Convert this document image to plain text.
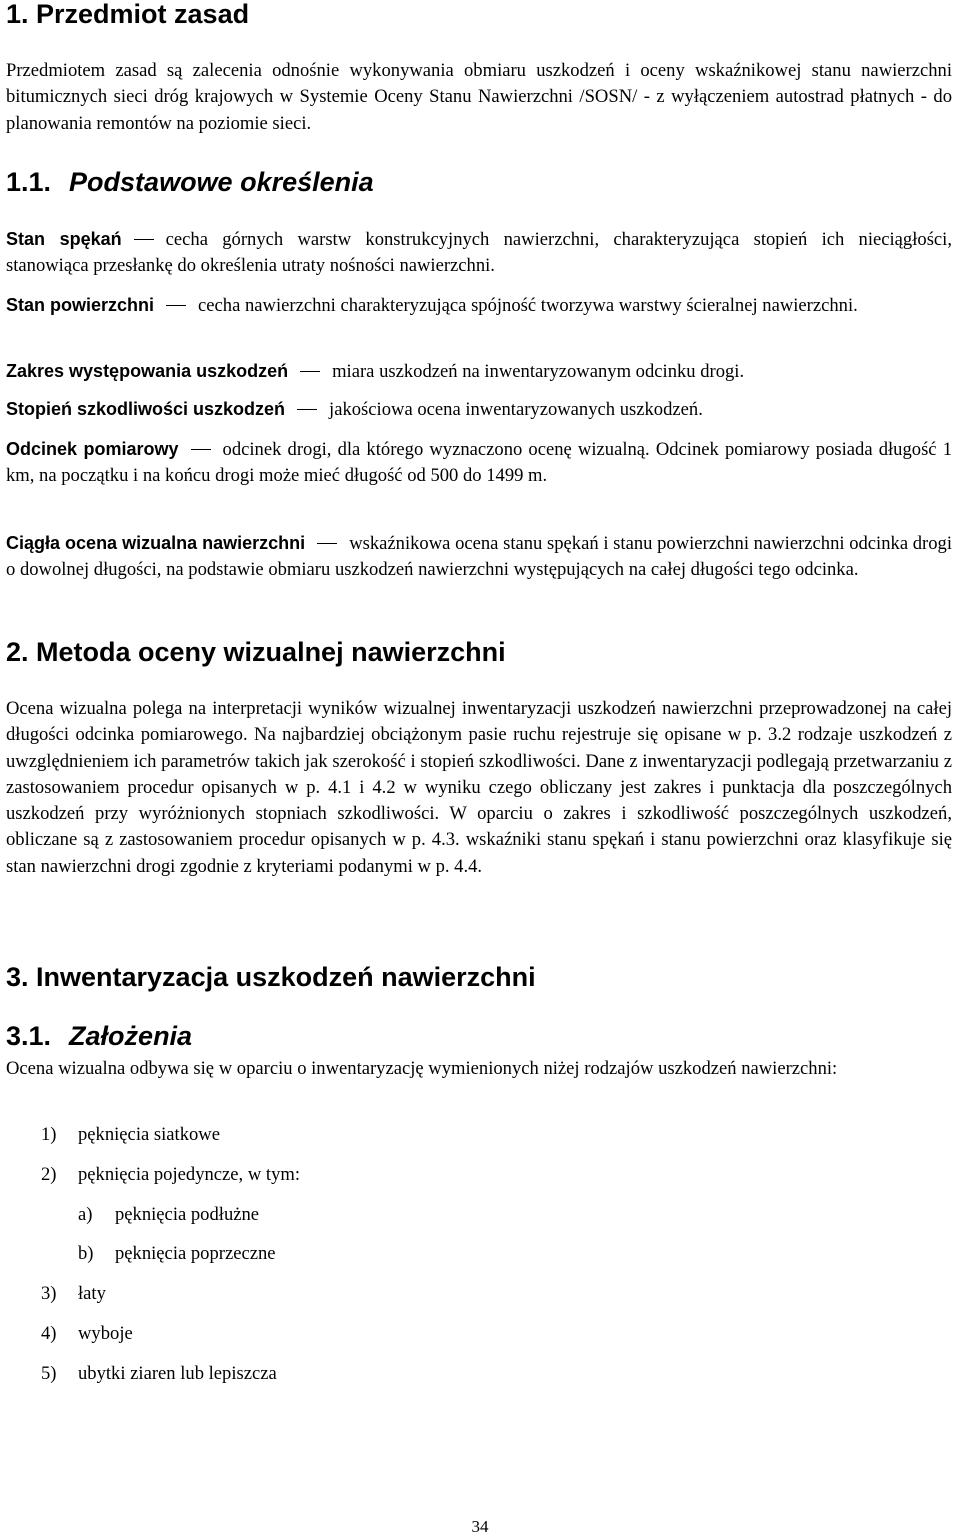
1. Przedmiot zasad
Przedmiotem zasad są zalecenia odnośnie wykonywania obmiaru uszkodzeń i oceny wskaźnikowej stanu nawierzchni bitumicznych sieci dróg krajowych w Systemie Oceny Stanu Nawierzchni /SOSN/ - z wyłączeniem autostrad płatnych - do planowania remontów na poziomie sieci.
1.1. Podstawowe określenia
Stan spękań cecha górnych warstw konstrukcyjnych nawierzchni, charakteryzująca stopień ich nieciągłości, stanowiąca przesłankę do określenia utraty nośności nawierzchni.
Stan powierzchni cecha nawierzchni charakteryzująca spójność tworzywa warstwy ścieralnej nawierzchni.
Zakres występowania uszkodzeń miara uszkodzeń na inwentaryzowanym odcinku drogi.
Stopień szkodliwości uszkodzeń jakościowa ocena inwentaryzowanych uszkodzeń.
Odcinek pomiarowy odcinek drogi, dla którego wyznaczono ocenę wizualną. Odcinek pomiarowy posiada długość 1 km, na początku i na końcu drogi może mieć długość od 500 do 1499 m.
Ciągła ocena wizualna nawierzchni wskaźnikowa ocena stanu spękań i stanu powierzchni nawierzchni odcinka drogi o dowolnej długości, na podstawie obmiaru uszkodzeń nawierzchni występujących na całej długości tego odcinka.
2. Metoda oceny wizualnej nawierzchni
Ocena wizualna polega na interpretacji wyników wizualnej inwentaryzacji uszkodzeń nawierzchni przeprowadzonej na całej długości odcinka pomiarowego. Na najbardziej obciążonym pasie ruchu rejestruje się opisane w p. 3.2 rodzaje uszkodzeń z uwzględnieniem ich parametrów takich jak szerokość i stopień szkodliwości. Dane z inwentaryzacji podlegają przetwarzaniu z zastosowaniem procedur opisanych w p. 4.1 i 4.2 w wyniku czego obliczany jest zakres i punktacja dla poszczególnych uszkodzeń przy wyróżnionych stopniach szkodliwości. W oparciu o zakres i szkodliwość poszczególnych uszkodzeń, obliczane są z zastosowaniem procedur opisanych w p. 4.3. wskaźniki stanu spękań i stanu powierzchni oraz klasyfikuje się stan nawierzchni drogi zgodnie z kryteriami podanymi w p. 4.4.
3. Inwentaryzacja uszkodzeń nawierzchni
3.1. Założenia
Ocena wizualna odbywa się w oparciu o inwentaryzację wymienionych niżej rodzajów uszkodzeń nawierzchni:
1) pęknięcia siatkowe
2) pęknięcia pojedyncze, w tym:
a) pęknięcia podłużne
b) pęknięcia poprzeczne
3) łaty
4) wyboje
5) ubytki ziaren lub lepiszcza
34
